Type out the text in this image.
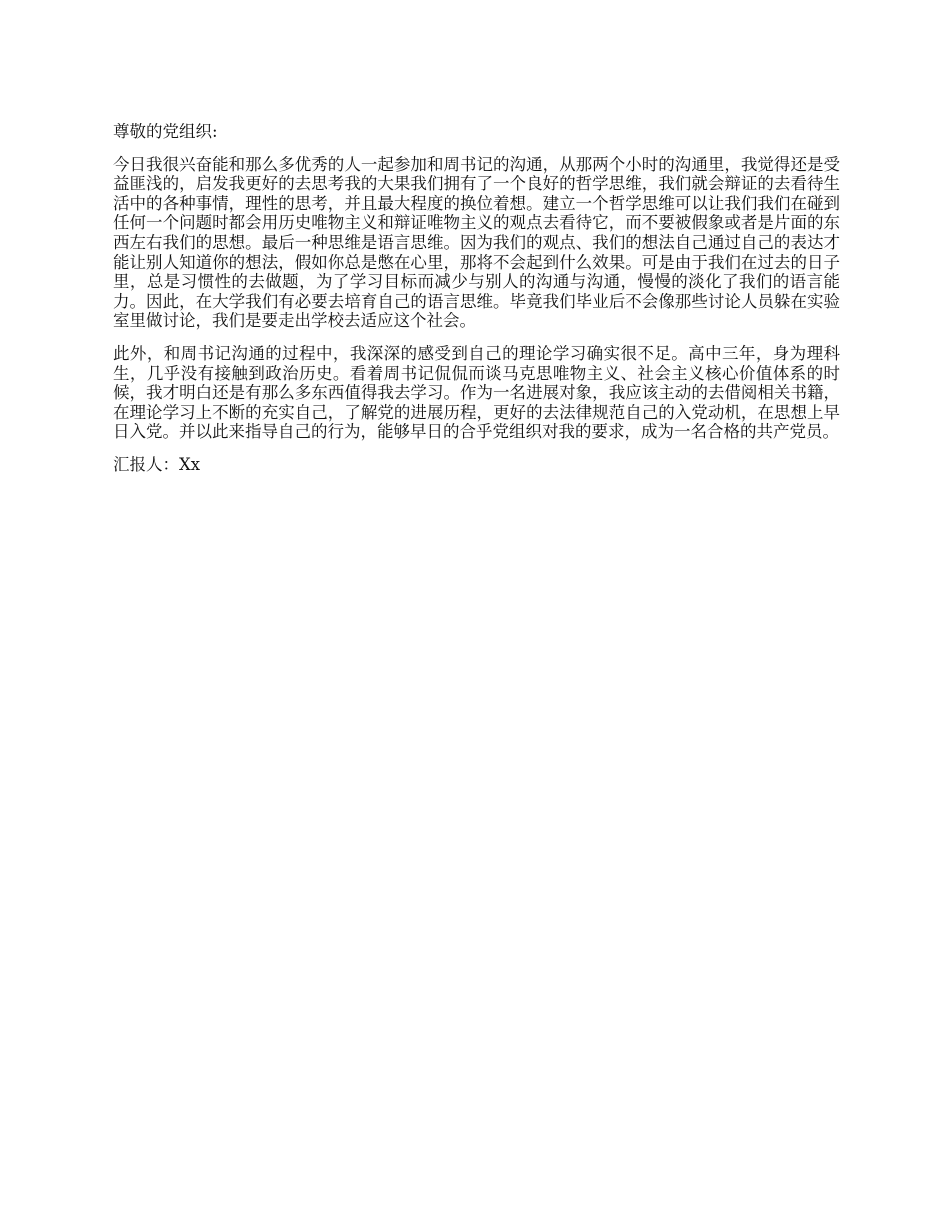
尊敬的党组织:

今日我很兴奋能和那么多优秀的人一起参加和周书记的沟通，从那两个小时的沟通里，我觉得还是受益匪浅的，启发我更好的去思考我的大果我们拥有了一个良好的哲学思维，我们就会辩证的去看待生活中的各种事情，理性的思考，并且最大程度的换位着想。建立一个哲学思维可以让我们我们在碰到任何一个问题时都会用历史唯物主义和辩证唯物主义的观点去看待它，而不要被假象或者是片面的东西左右我们的思想。最后一种思维是语言思维。因为我们的观点、我们的想法自己通过自己的表达才能让别人知道你的想法，假如你总是憋在心里，那将不会起到什么效果。可是由于我们在过去的日子里，总是习惯性的去做题，为了学习目标而减少与别人的沟通与沟通，慢慢的淡化了我们的语言能力。因此，在大学我们有必要去培育自己的语言思维。毕竟我们毕业后不会像那些讨论人员躲在实验室里做讨论，我们是要走出学校去适应这个社会。

此外，和周书记沟通的过程中，我深深的感受到自己的理论学习确实很不足。高中三年，身为理科生，几乎没有接触到政治历史。看着周书记侃侃而谈马克思唯物主义、社会主义核心价值体系的时候，我才明白还是有那么多东西值得我去学习。作为一名进展对象，我应该主动的去借阅相关书籍，在理论学习上不断的充实自己，了解党的进展历程，更好的去法律规范自己的入党动机，在思想上早日入党。并以此来指导自己的行为，能够早日的合乎党组织对我的要求，成为一名合格的共产党员。

汇报人：Xx
